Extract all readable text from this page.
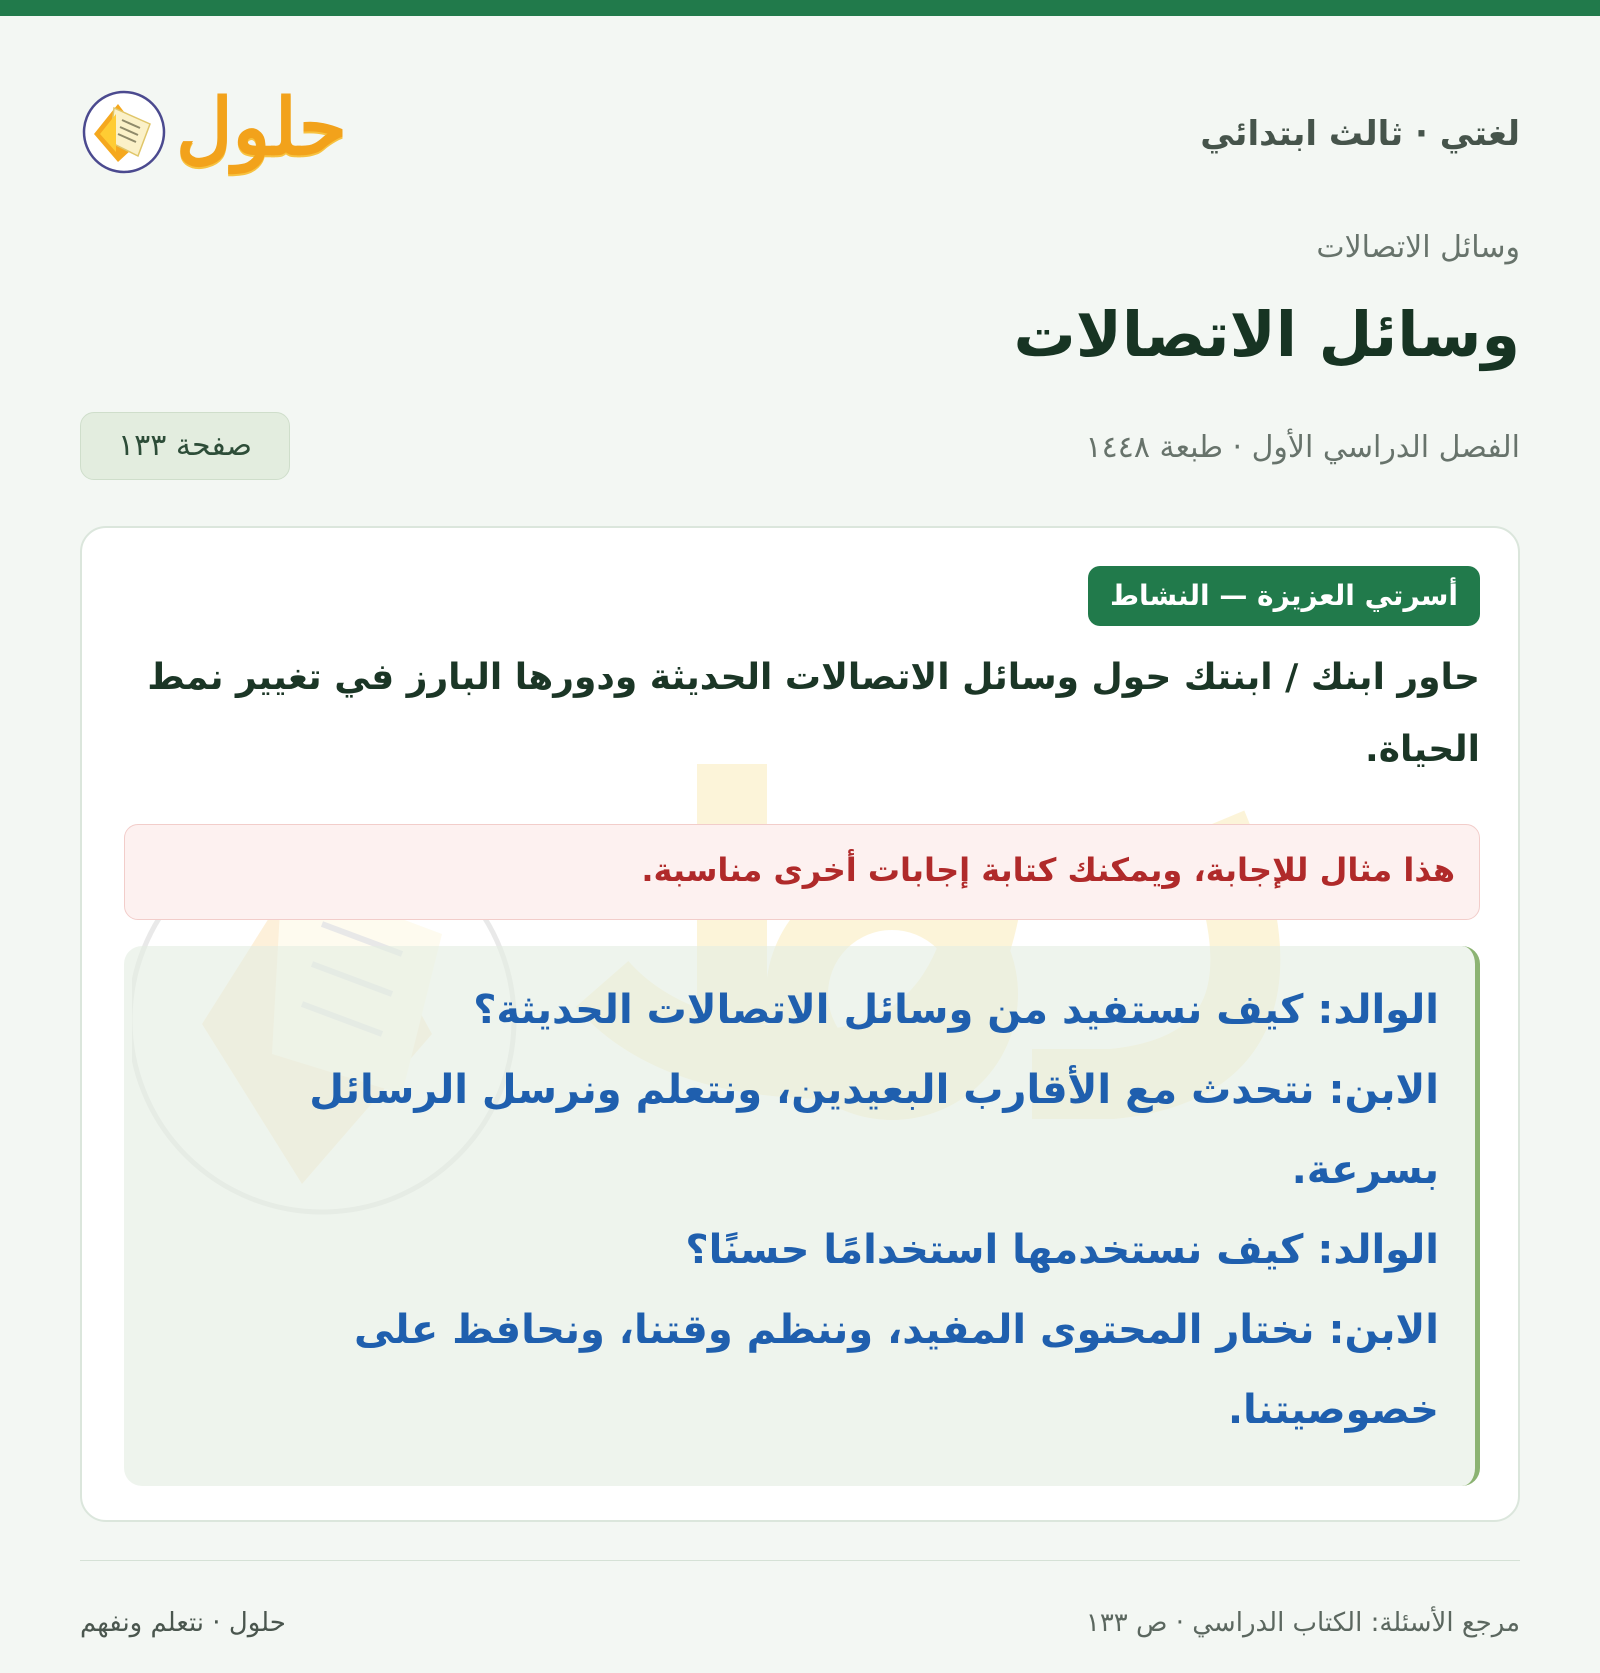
لغتي · ثالث ابتدائي
حلول
وسائل الاتصالات
وسائل الاتصالات
الفصل الدراسي الأول · طبعة ١٤٤٨
صفحة ١٣٣
أسرتي العزيزة — النشاط
حاور ابنك / ابنتك حول وسائل الاتصالات الحديثة ودورها البارز في تغيير نمط الحياة.
هذا مثال للإجابة، ويمكنك كتابة إجابات أخرى مناسبة.
الوالد: كيف نستفيد من وسائل الاتصالات الحديثة؟
الابن: نتحدث مع الأقارب البعيدين، ونتعلم ونرسل الرسائل بسرعة.
الوالد: كيف نستخدمها استخدامًا حسنًا؟
الابن: نختار المحتوى المفيد، وننظم وقتنا، ونحافظ على خصوصيتنا.
مرجع الأسئلة: الكتاب الدراسي · ص ١٣٣
حلول · نتعلم ونفهم
